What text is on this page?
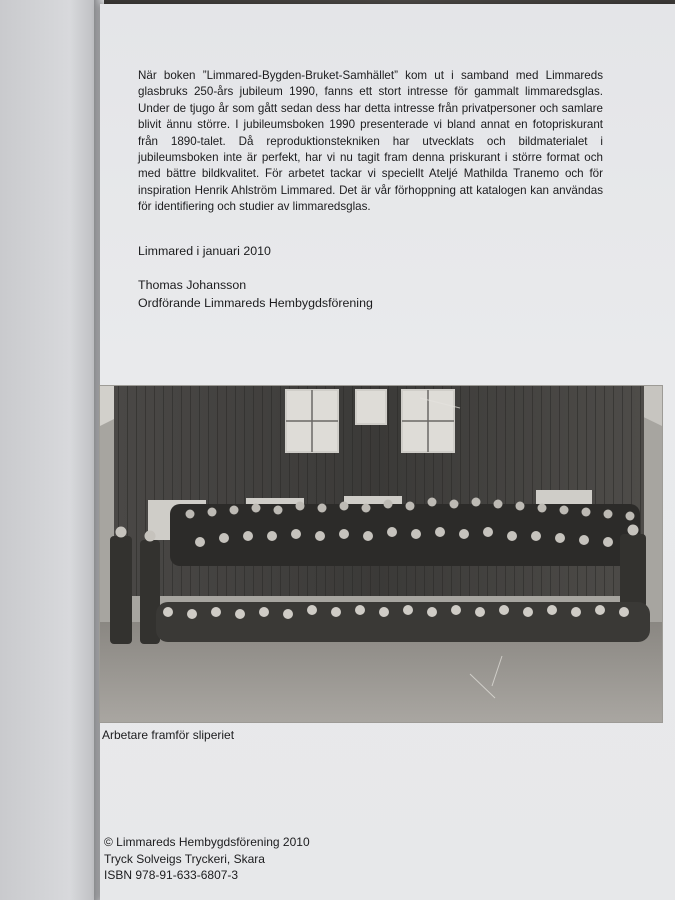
När boken ”Limmared-Bygden-Bruket-Samhället” kom ut i samband med Limmareds glasbruks 250-års jubileum 1990, fanns ett stort intresse för gammalt limmaredsglas. Under de tjugo år som gått sedan dess har detta intresse från privatpersoner och samlare blivit ännu större. I jubileumsboken 1990 presenterade vi bland annat en fotopriskurant från 1890-talet. Då reproduktionstekniken har utvecklats och bildmaterialet i jubileumsboken inte är perfekt, har vi nu tagit fram denna priskurant i större format och med bättre bildkvalitet. För arbetet tackar vi speciellt Ateljé Mathilda Tranemo och för inspiration Henrik Ahlström Limmared. Det är vår förhoppning att katalogen kan användas för identifiering och studier av limmaredsglas.

Limmared i januari 2010

Thomas Johansson

Ordförande Limmareds Hembygdsförening

Arbetare framför sliperiet

© Limmareds Hembygdsförening 2010
Tryck Solveigs Tryckeri, Skara
ISBN 978-91-633-6807-3
